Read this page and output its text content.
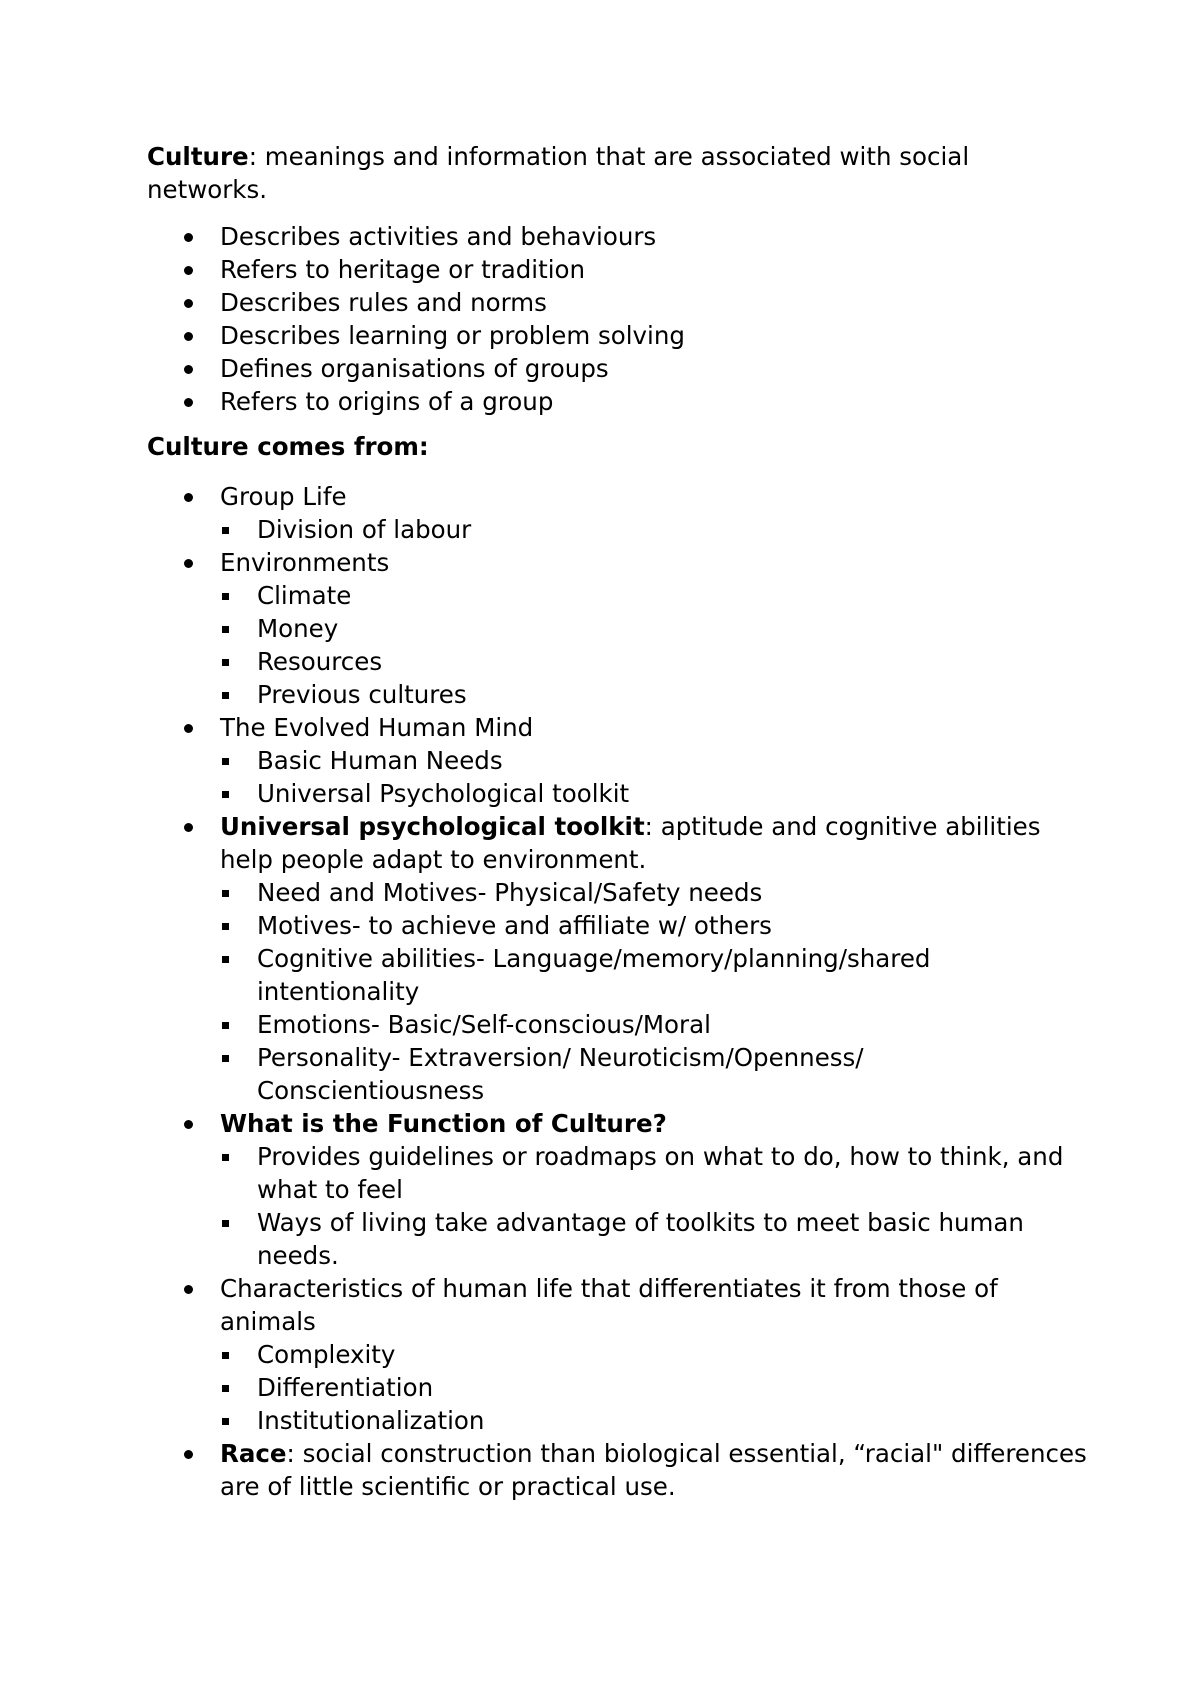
Culture: meanings and information that are associated with social networks.

Describes activities and behaviours
Refers to heritage or tradition
Describes rules and norms
Describes learning or problem solving
Defines organisations of groups
Refers to origins of a group

Culture comes from:

Group Life
Division of labour
Environments
Climate
Money
Resources
Previous cultures
The Evolved Human Mind
Basic Human Needs
Universal Psychological toolkit
Universal psychological toolkit: aptitude and cognitive abilities help people adapt to environment.
Need and Motives- Physical/Safety needs
Motives- to achieve and affiliate w/ others
Cognitive abilities- Language/memory/planning/shared intentionality
Emotions- Basic/Self-conscious/Moral
Personality- Extraversion/ Neuroticism/Openness/ Conscientiousness
What is the Function of Culture?
Provides guidelines or roadmaps on what to do, how to think, and what to feel
Ways of living take advantage of toolkits to meet basic human needs.
Characteristics of human life that differentiates it from those of animals
Complexity
Differentiation
Institutionalization
Race: social construction than biological essential, “racial" differences are of little scientific or practical use.
